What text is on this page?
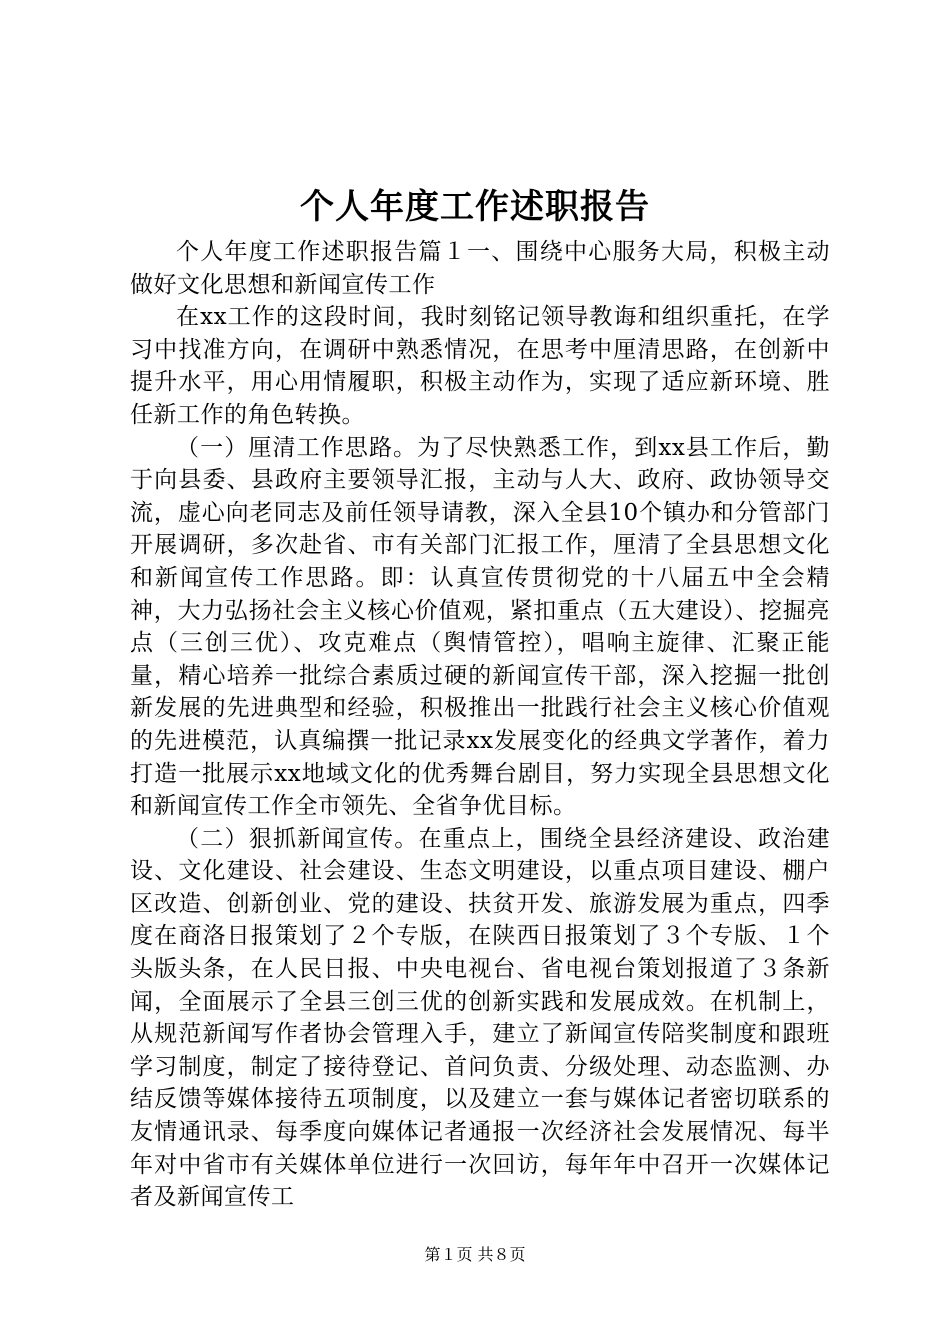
个人年度工作述职报告

个人年度工作述职报告篇１一、围绕中心服务大局，积极主动做好文化思想和新闻宣传工作

在xx工作的这段时间，我时刻铭记领导教诲和组织重托，在学习中找准方向，在调研中熟悉情况，在思考中厘清思路，在创新中提升水平，用心用情履职，积极主动作为，实现了适应新环境、胜任新工作的角色转换。

（一）厘清工作思路。为了尽快熟悉工作，到xx县工作后，勤于向县委、县政府主要领导汇报，主动与人大、政府、政协领导交流，虚心向老同志及前任领导请教，深入全县10个镇办和分管部门开展调研，多次赴省、市有关部门汇报工作，厘清了全县思想文化和新闻宣传工作思路。即：认真宣传贯彻党的十八届五中全会精神，大力弘扬社会主义核心价值观，紧扣重点（五大建设）、挖掘亮点（三创三优）、攻克难点（舆情管控），唱响主旋律、汇聚正能量，精心培养一批综合素质过硬的新闻宣传干部，深入挖掘一批创新发展的先进典型和经验，积极推出一批践行社会主义核心价值观的先进模范，认真编撰一批记录xx发展变化的经典文学著作，着力打造一批展示xx地域文化的优秀舞台剧目，努力实现全县思想文化和新闻宣传工作全市领先、全省争优目标。

（二）狠抓新闻宣传。在重点上，围绕全县经济建设、政治建设、文化建设、社会建设、生态文明建设，以重点项目建设、棚户区改造、创新创业、党的建设、扶贫开发、旅游发展为重点，四季度在商洛日报策划了２个专版，在陕西日报策划了３个专版、１个头版头条，在人民日报、中央电视台、省电视台策划报道了３条新闻，全面展示了全县三创三优的创新实践和发展成效。在机制上，从规范新闻写作者协会管理入手，建立了新闻宣传陪奖制度和跟班学习制度，制定了接待登记、首问负责、分级处理、动态监测、办结反馈等媒体接待五项制度，以及建立一套与媒体记者密切联系的友情通讯录、每季度向媒体记者通报一次经济社会发展情况、每半年对中省市有关媒体单位进行一次回访，每年年中召开一次媒体记者及新闻宣传工

第１页 共８页
